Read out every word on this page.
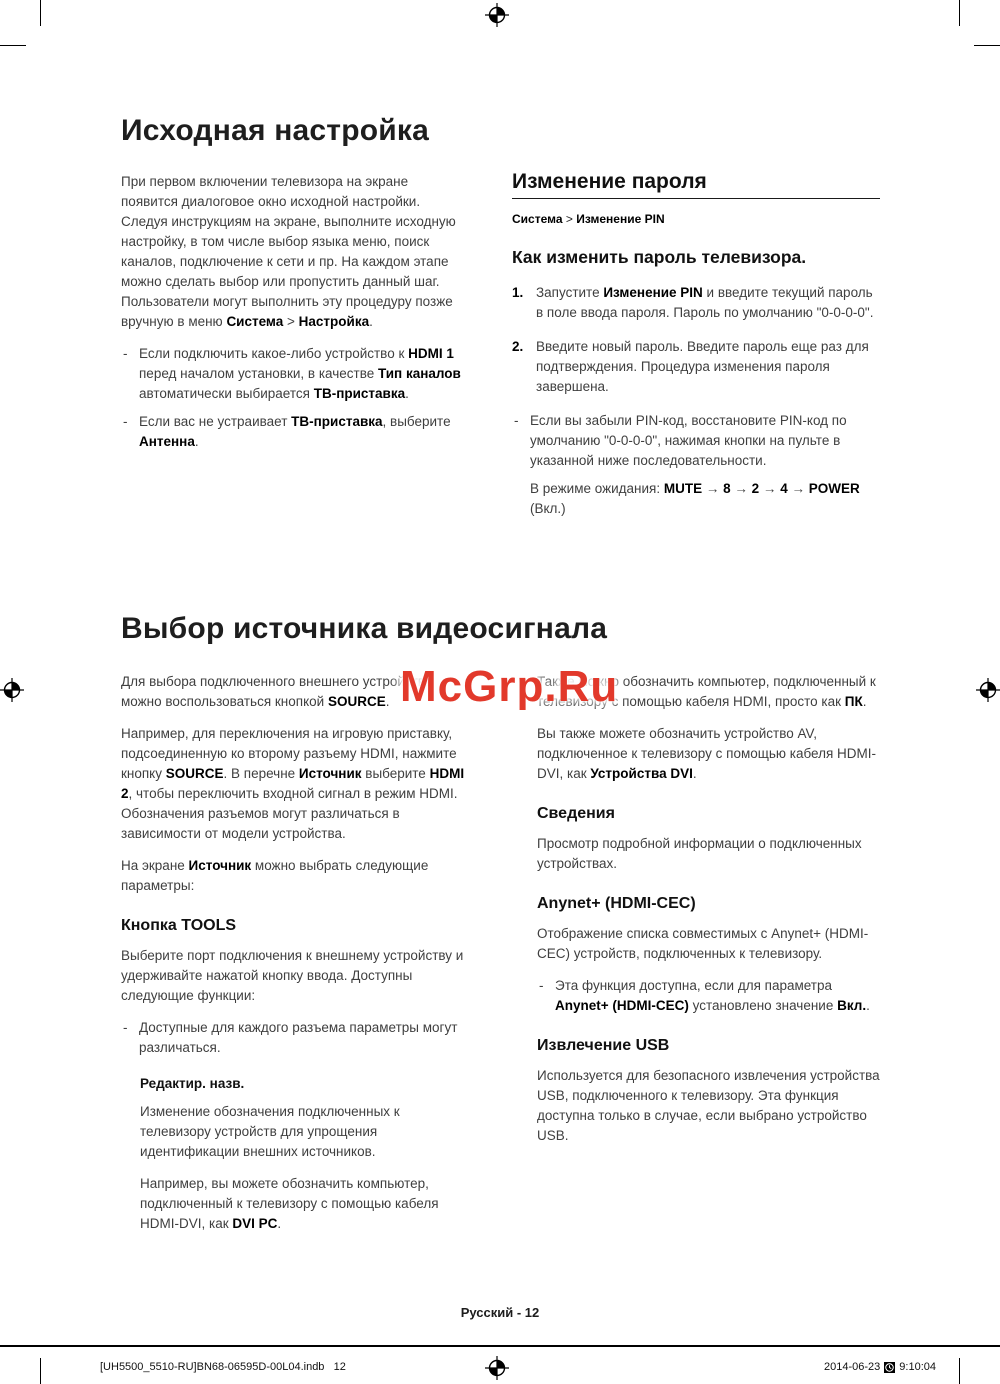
Исходная настройка

При первом включении телевизора на экране появится диалоговое окно исходной настройки. Следуя инструкциям на экране, выполните исходную настройку, в том числе выбор языка меню, поиск каналов, подключение к сети и пр. На каждом этапе можно сделать выбор или пропустить данный шаг. Пользователи могут выполнить эту процедуру позже вручную в меню Система > Настройка.

- Если подключить какое-либо устройство к HDMI 1 перед началом установки, в качестве Тип каналов автоматически выбирается ТВ-приставка.
- Если вас не устраивает ТВ-приставка, выберите Антенна.
Изменение пароля
Система > Изменение PIN
Как изменить пароль телевизора.
1. Запустите Изменение PIN и введите текущий пароль в поле ввода пароля. Пароль по умолчанию "0-0-0-0".
2. Введите новый пароль. Введите пароль еще раз для подтверждения. Процедура изменения пароля завершена.
- Если вы забыли PIN-код, восстановите PIN-код по умолчанию "0-0-0-0", нажимая кнопки на пульте в указанной ниже последовательности.
В режиме ожидания: MUTE → 8 → 2 → 4 → POWER (Вкл.)
Выбор источника видеосигнала

Для выбора подключенного внешнего устройства можно воспользоваться кнопкой SOURCE.

Например, для переключения на игровую приставку, подсоединенную ко второму разъему HDMI, нажмите кнопку SOURCE. В перечне Источник выберите HDMI 2, чтобы переключить входной сигнал в режим HDMI. Обозначения разъемов могут различаться в зависимости от модели устройства.

На экране Источник можно выбрать следующие параметры:

Кнопка TOOLS

Выберите порт подключения к внешнему устройству и удерживайте нажатой кнопку ввода. Доступны следующие функции:

- Доступные для каждого разъема параметры могут различаться.
Редактир. назв.

Изменение обозначения подключенных к телевизору устройств для упрощения идентификации внешних источников.

Например, вы можете обозначить компьютер, подключенный к телевизору с помощью кабеля HDMI-DVI, как DVI PC.

Также можно обозначить компьютер, подключенный к телевизору с помощью кабеля HDMI, просто как ПК.

Вы также можете обозначить устройство AV, подключенное к телевизору с помощью кабеля HDMI-DVI, как Устройства DVI.

Сведения

Просмотр подробной информации о подключенных устройствах.

Anynet+ (HDMI-CEC)

Отображение списка совместимых с Anynet+ (HDMI-CEC) устройств, подключенных к телевизору.

- Эта функция доступна, если для параметра Anynet+ (HDMI-CEC) установлено значение Вкл..
Извлечение USB

Используется для безопасного извлечения устройства USB, подключенного к телевизору. Эта функция доступна только в случае, если выбрано устройство USB.

McGrp.Ru
Русский - 12
[UH5500_5510-RU]BN68-06595D-00L04.indb   12	2014-06-23 9:10:04
